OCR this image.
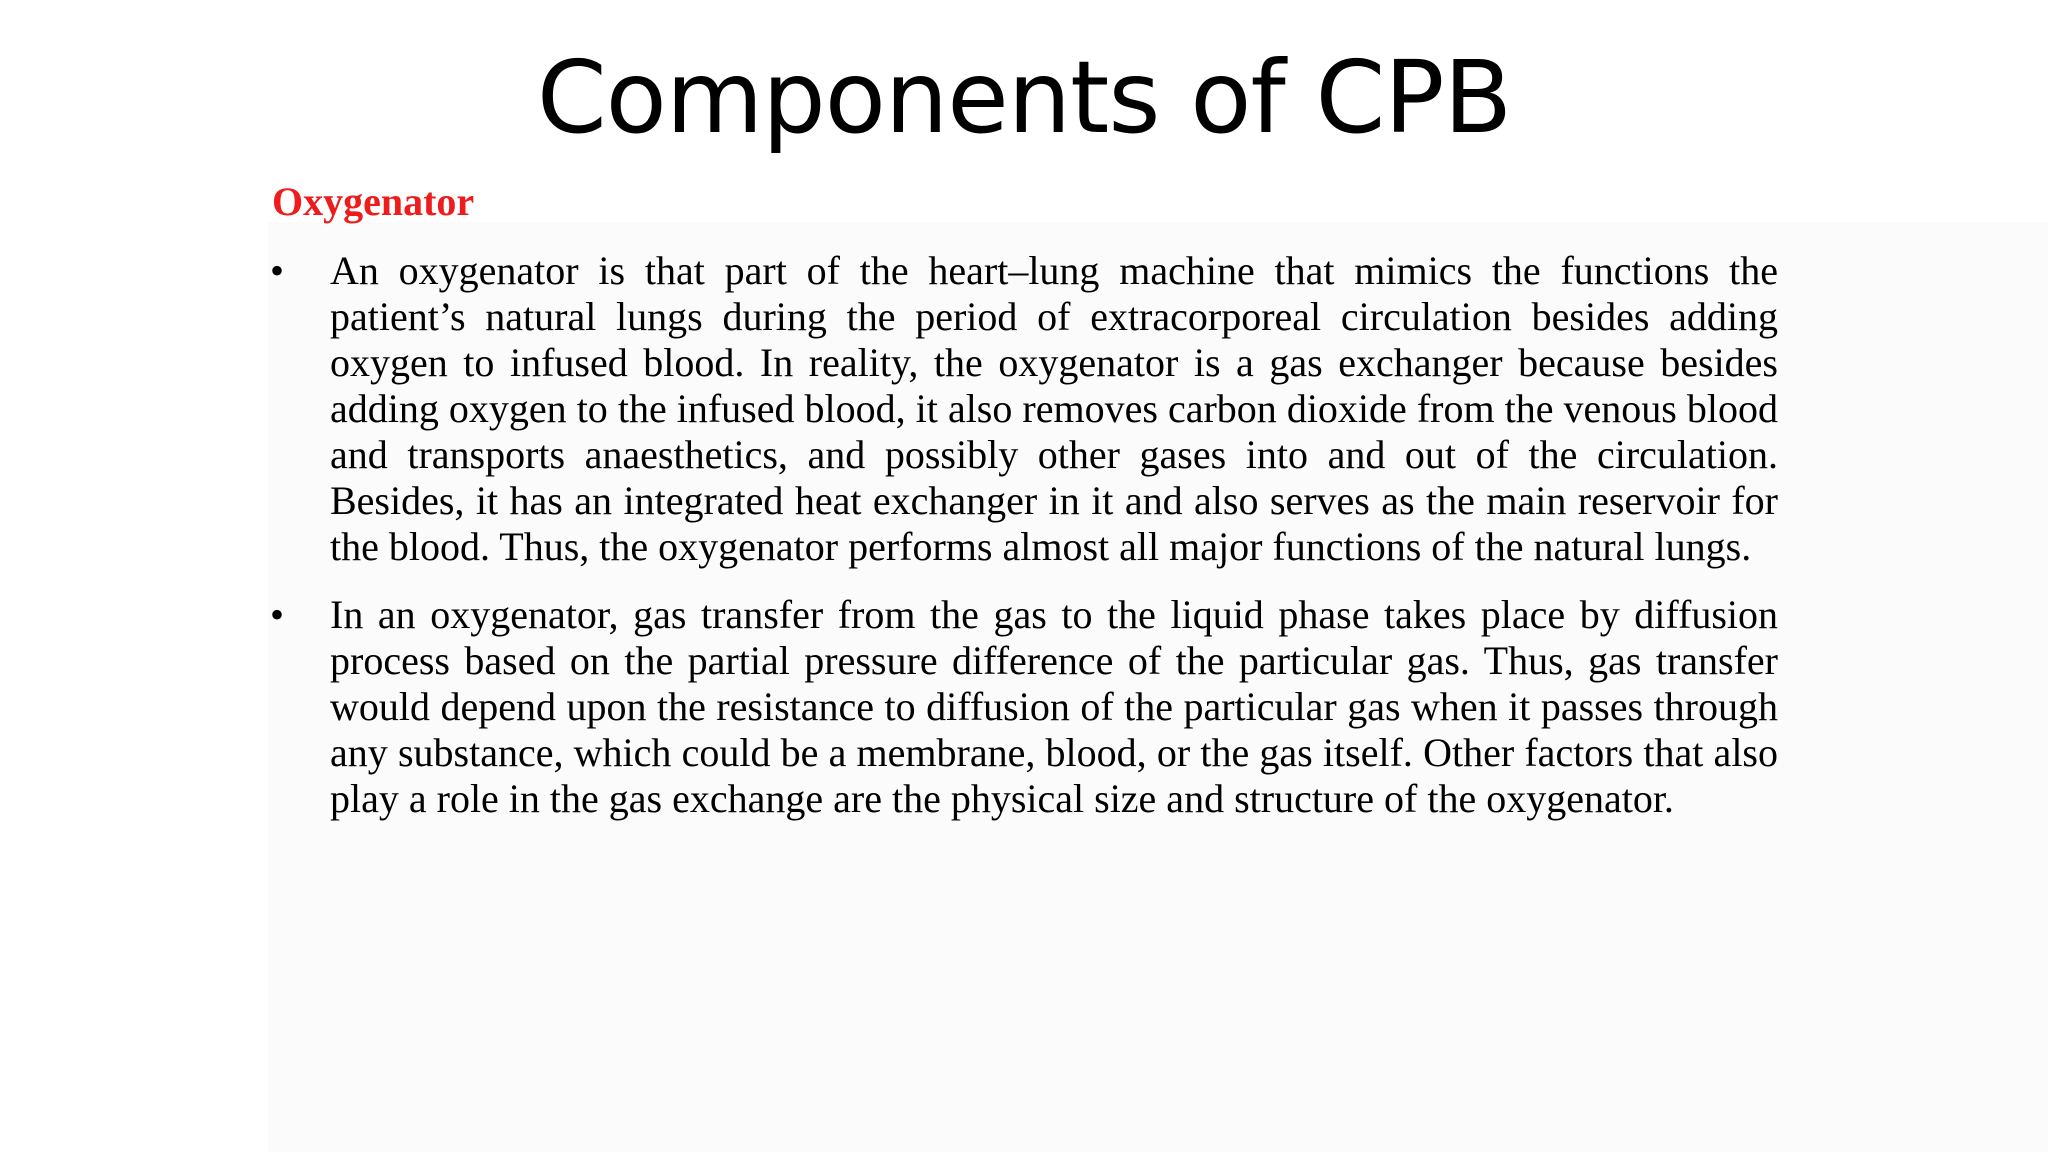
Components of CPB
Oxygenator
•	An oxygenator is that part of the heart–lung machine that mimics the functions the patient’s natural lungs during the period of extracorporeal circulation besides adding oxygen to infused blood. In reality, the oxygenator is a gas exchanger because besides adding oxygen to the infused blood, it also removes carbon dioxide from the venous blood and transports anaesthetics, and possibly other gases into and out of the circulation. Besides, it has an integrated heat exchanger in it and also serves as the main reservoir for the blood. Thus, the oxygenator performs almost all major functions of the natural lungs.

•	In an oxygenator, gas transfer from the gas to the liquid phase takes place by diffusion process based on the partial pressure difference of the particular gas. Thus, gas transfer would depend upon the resistance to diffusion of the particular gas when it passes through any substance, which could be a membrane, blood, or the gas itself. Other factors that also play a role in the gas exchange are the physical size and structure of the oxygenator.
